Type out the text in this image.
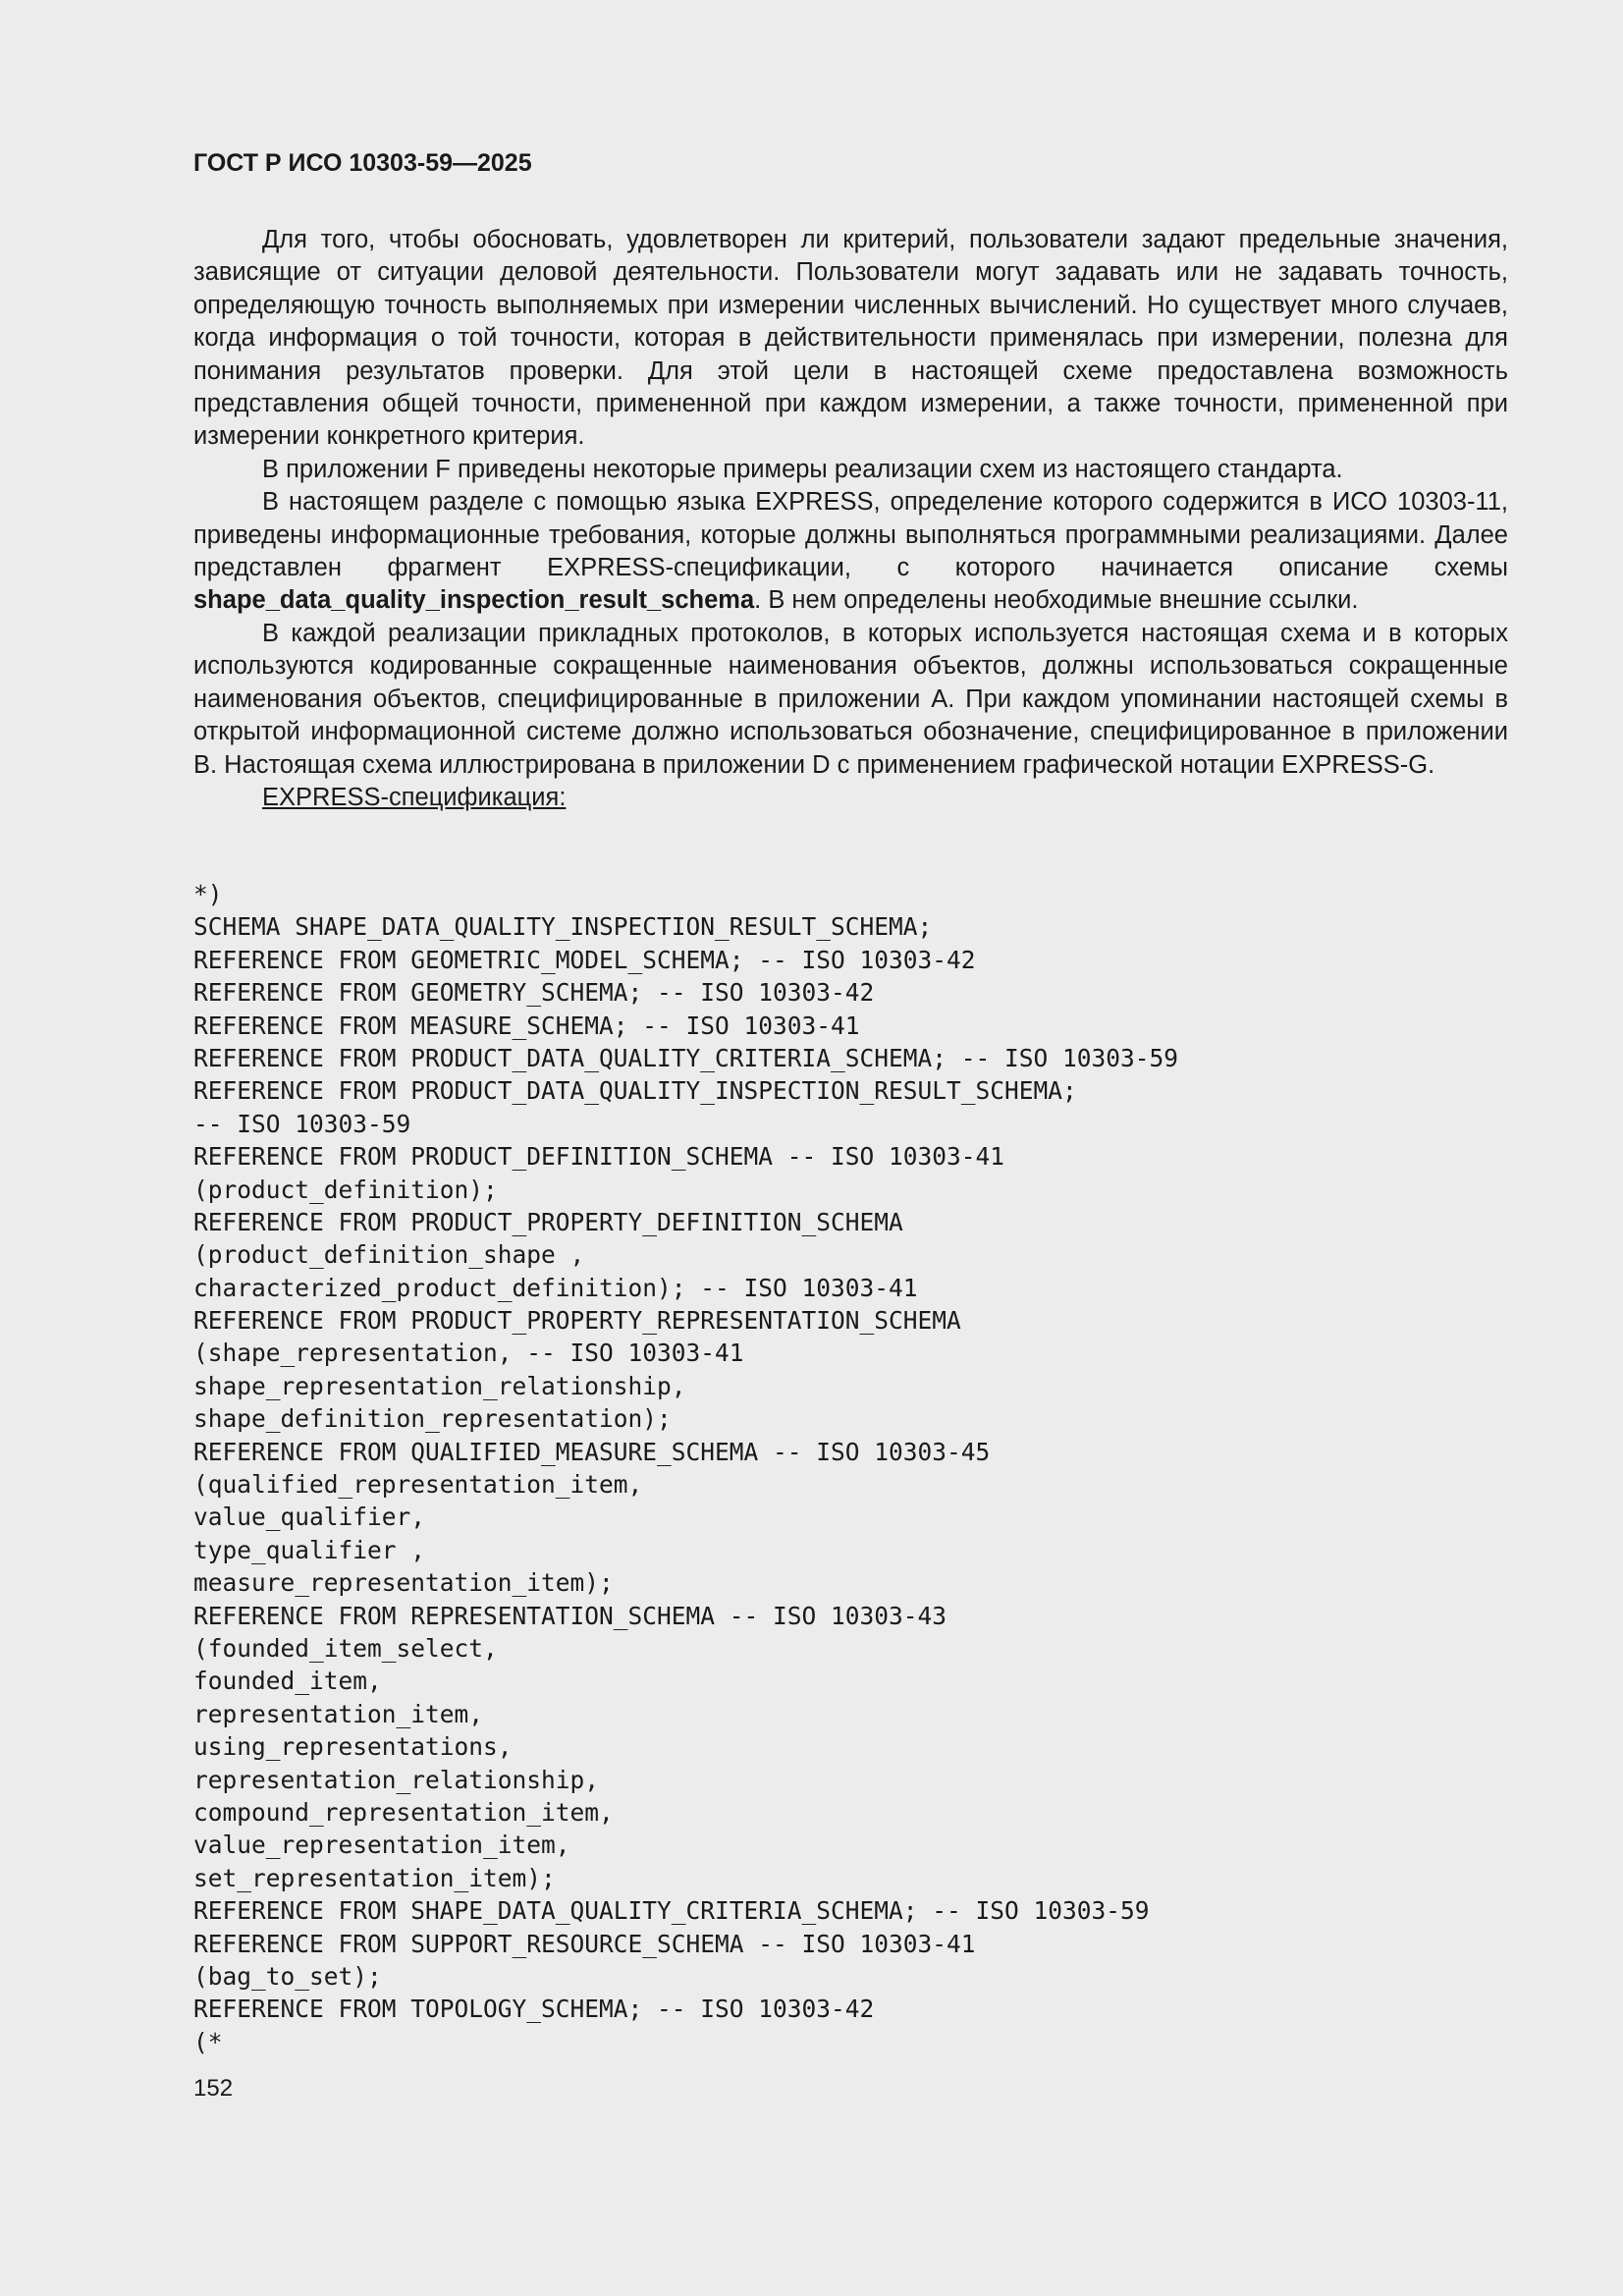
ГОСТ Р ИСО 10303-59—2025

Для того, чтобы обосновать, удовлетворен ли критерий, пользователи задают предельные значения, зависящие от ситуации деловой деятельности. Пользователи могут задавать или не задавать точность, определяющую точность выполняемых при измерении численных вычислений. Но существует много случаев, когда информация о той точности, которая в действительности применялась при измерении, полезна для понимания результатов проверки. Для этой цели в настоящей схеме предоставлена возможность представления общей точности, примененной при каждом измерении, а также точности, примененной при измерении конкретного критерия.

В приложении F приведены некоторые примеры реализации схем из настоящего стандарта.

В настоящем разделе с помощью языка EXPRESS, определение которого содержится в ИСО 10303-11, приведены информационные требования, которые должны выполняться программными реализациями. Далее представлен фрагмент EXPRESS-спецификации, с которого начинается описание схемы shape_data_quality_inspection_result_schema. В нем определены необходимые внешние ссылки.

В каждой реализации прикладных протоколов, в которых используется настоящая схема и в которых используются кодированные сокращенные наименования объектов, должны использоваться сокращенные наименования объектов, специфицированные в приложении А. При каждом упоминании настоящей схемы в открытой информационной системе должно использоваться обозначение, специфицированное в приложении В. Настоящая схема иллюстрирована в приложении D с применением графической нотации EXPRESS-G.

EXPRESS-спецификация:

*)
SCHEMA SHAPE_DATA_QUALITY_INSPECTION_RESULT_SCHEMA;
REFERENCE FROM GEOMETRIC_MODEL_SCHEMA; -- ISO 10303-42
REFERENCE FROM GEOMETRY_SCHEMA; -- ISO 10303-42
REFERENCE FROM MEASURE_SCHEMA; -- ISO 10303-41
REFERENCE FROM PRODUCT_DATA_QUALITY_CRITERIA_SCHEMA; -- ISO 10303-59
REFERENCE FROM PRODUCT_DATA_QUALITY_INSPECTION_RESULT_SCHEMA;
-- ISO 10303-59
REFERENCE FROM PRODUCT_DEFINITION_SCHEMA -- ISO 10303-41
(product_definition);
REFERENCE FROM PRODUCT_PROPERTY_DEFINITION_SCHEMA
(product_definition_shape ,
characterized_product_definition); -- ISO 10303-41
REFERENCE FROM PRODUCT_PROPERTY_REPRESENTATION_SCHEMA
(shape_representation, -- ISO 10303-41
shape_representation_relationship,
shape_definition_representation);
REFERENCE FROM QUALIFIED_MEASURE_SCHEMA -- ISO 10303-45
(qualified_representation_item,
value_qualifier,
type_qualifier ,
measure_representation_item);
REFERENCE FROM REPRESENTATION_SCHEMA -- ISO 10303-43
(founded_item_select,
founded_item,
representation_item,
using_representations,
representation_relationship,
compound_representation_item,
value_representation_item,
set_representation_item);
REFERENCE FROM SHAPE_DATA_QUALITY_CRITERIA_SCHEMA; -- ISO 10303-59
REFERENCE FROM SUPPORT_RESOURCE_SCHEMA -- ISO 10303-41
(bag_to_set);
REFERENCE FROM TOPOLOGY_SCHEMA; -- ISO 10303-42
(*
152
